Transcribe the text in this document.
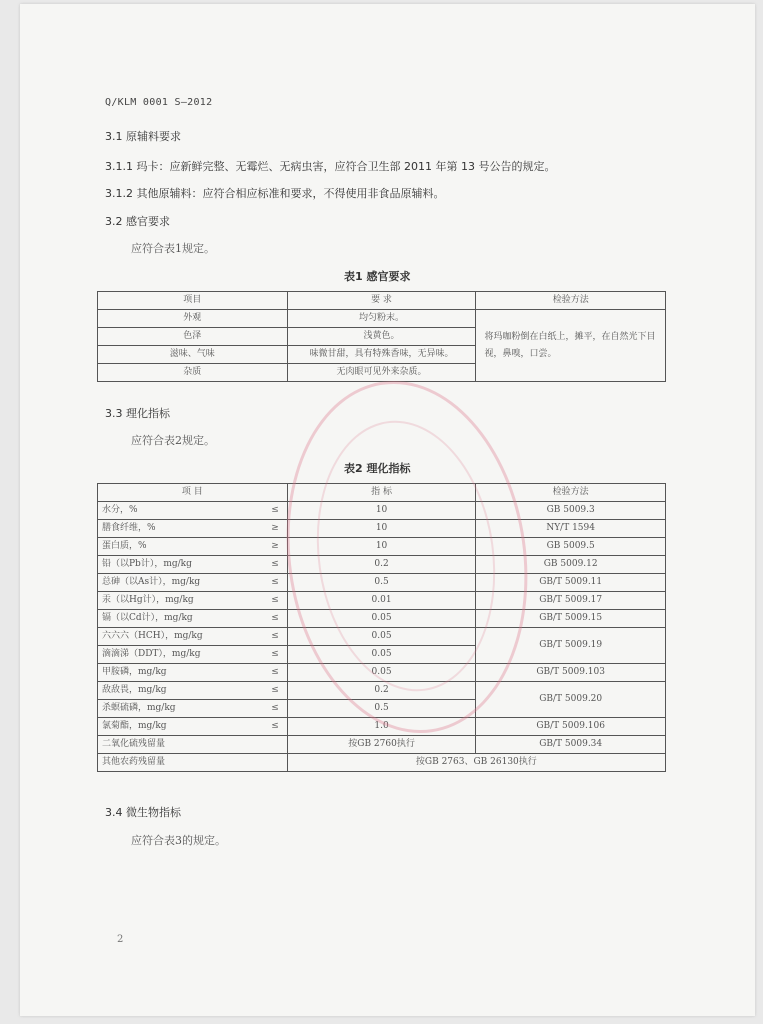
Q/KLM 0001 S—2012
3.1 原辅料要求
3.1.1 玛卡：应新鲜完整、无霉烂、无病虫害，应符合卫生部 2011 年第 13 号公告的规定。
3.1.2 其他原辅料：应符合相应标准和要求，不得使用非食品原辅料。
3.2 感官要求
应符合表1规定。
表1 感官要求
项目	要 求	检验方法
外观	均匀粉末。	将玛咖粉倒在白纸上，摊平，在自然光下目视，鼻嗅，口尝。
色泽	浅黄色。	
滋味、气味	味微甘甜，具有特殊香味，无异味。	
杂质	无肉眼可见外来杂质。	
3.3 理化指标
应符合表2规定。
表2 理化指标
项 目	指 标	检验方法

水分，% ≤	10	GB 5009.3

膳食纤维，% ≥	10	NY/T 1594

蛋白质，% ≥	10	GB 5009.5

铅（以Pb计），mg/kg ≤	0.2	GB 5009.12

总砷（以As计），mg/kg ≤	0.5	GB/T 5009.11

汞（以Hg计），mg/kg ≤	0.01	GB/T 5009.17

镉（以Cd计），mg/kg ≤	0.05	GB/T 5009.15

六六六（HCH），mg/kg ≤	0.05	GB/T 5009.19

滴滴涕（DDT），mg/kg ≤	0.05	

甲胺磷，mg/kg ≤	0.05	GB/T 5009.103

敌敌畏，mg/kg ≤	0.2	GB/T 5009.20

杀螟硫磷，mg/kg ≤	0.5	

氯菊酯，mg/kg ≤	1.0	GB/T 5009.106
二氧化硫残留量	按GB 2760执行	GB/T 5009.34
其他农药残留量	按GB 2763、GB 26130执行	
3.4 微生物指标
应符合表3的规定。
2
